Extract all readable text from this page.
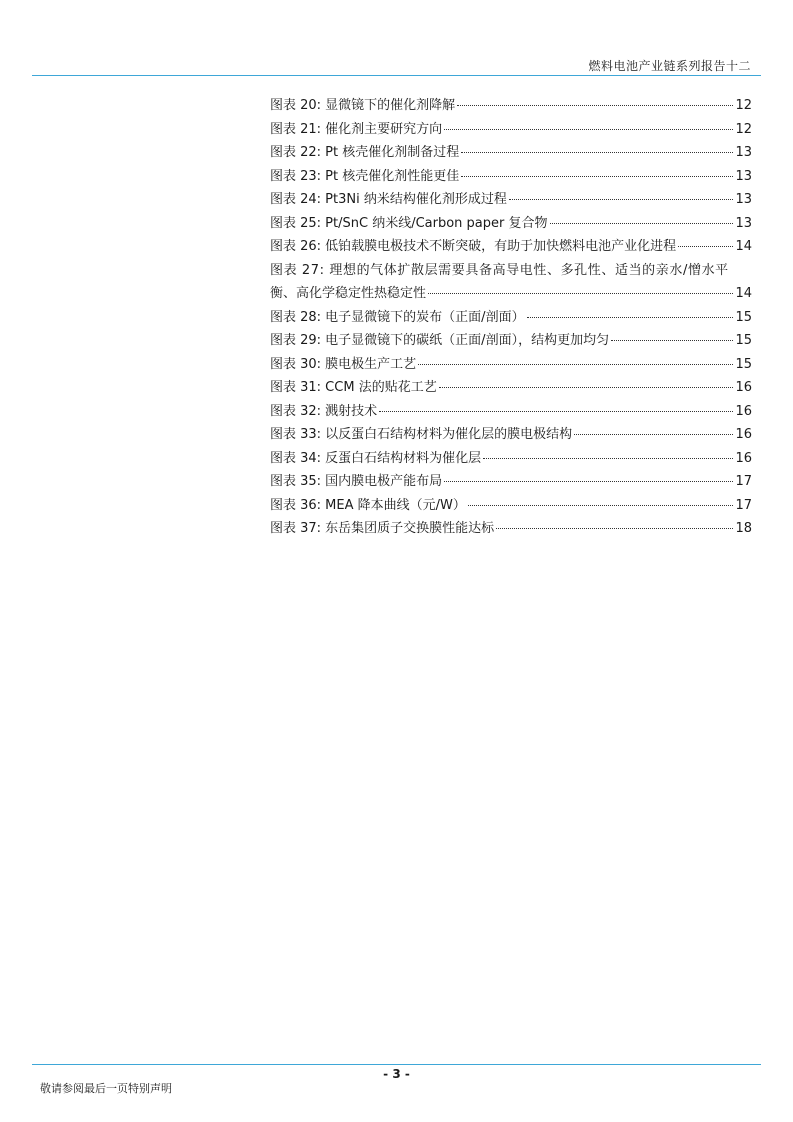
燃料电池产业链系列报告十二
图表 20: 显微镜下的催化剂降解	12
图表 21: 催化剂主要研究方向	12
图表 22: Pt 核壳催化剂制备过程	13
图表 23: Pt 核壳催化剂性能更佳	13
图表 24: Pt3Ni 纳米结构催化剂形成过程	13
图表 25: Pt/SnC 纳米线/Carbon paper 复合物	13
图表 26: 低铂载膜电极技术不断突破，有助于加快燃料电池产业化进程	14
图表 27: 理想的气体扩散层需要具备高导电性、多孔性、适当的亲水/憎水平
衡、高化学稳定性热稳定性	14
图表 28: 电子显微镜下的炭布（正面/剖面）	15
图表 29: 电子显微镜下的碳纸（正面/剖面），结构更加均匀	15
图表 30: 膜电极生产工艺	15
图表 31: CCM 法的贴花工艺	16
图表 32: 溅射技术	16
图表 33: 以反蛋白石结构材料为催化层的膜电极结构	16
图表 34: 反蛋白石结构材料为催化层	16
图表 35: 国内膜电极产能布局	17
图表 36: MEA 降本曲线（元/W）	17
图表 37: 东岳集团质子交换膜性能达标	18
- 3 -
敬请参阅最后一页特别声明
